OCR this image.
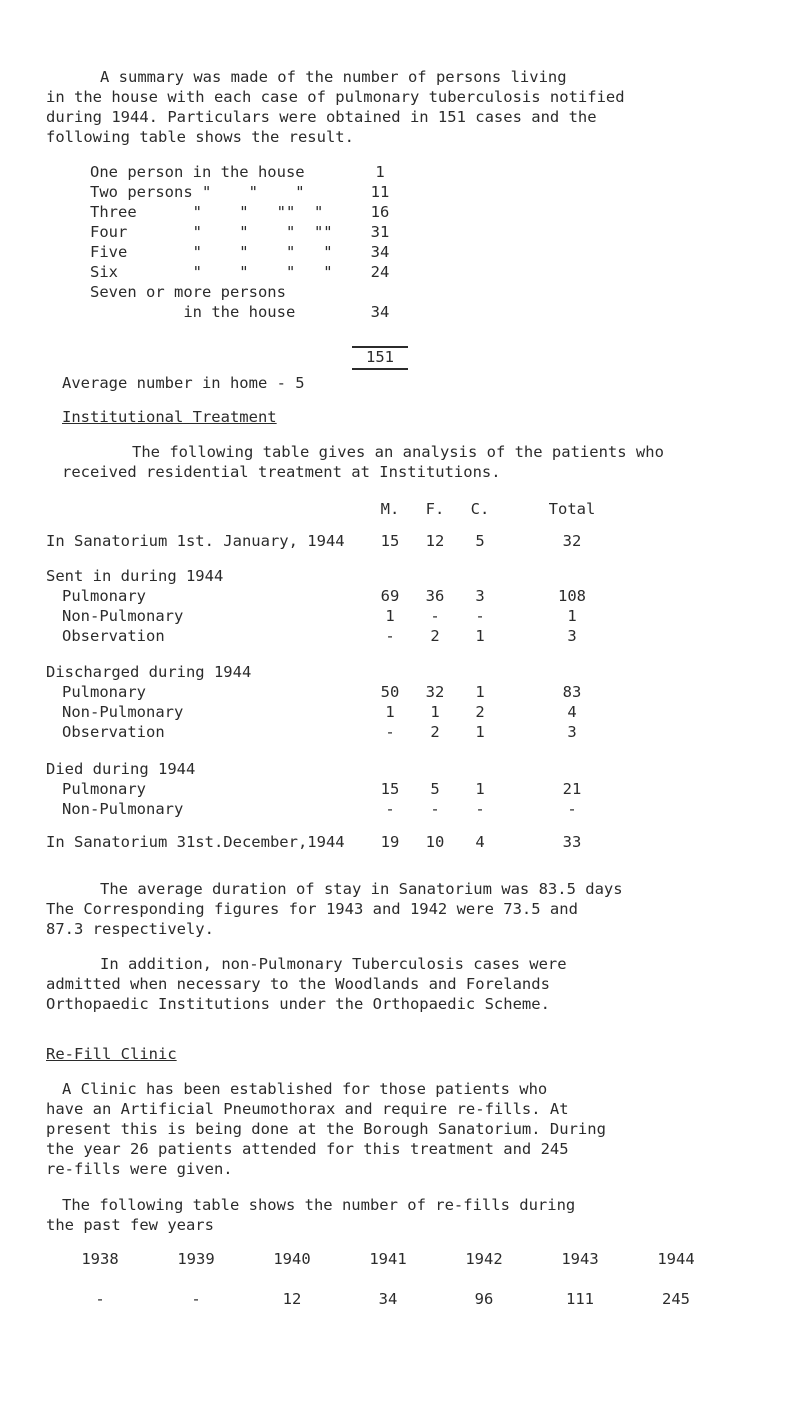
A summary was made of the number of persons living
in the house with each case of pulmonary tuberculosis notified
during 1944. Particulars were obtained in 151 cases and the
following table shows the result.
One person in the house	1
Two persons "    "    "	11
Three      "    "   ""  "	16
Four       "    "    "  ""	31
Five       "    "    "   "	34
Six        "    "    "   "	24
Seven or more persons
in the house	34
151
Average number in home - 5
Institutional Treatment
The following table gives an analysis of the patients who
received residential treatment at Institutions.
M.	F.	C.	Total
In Sanatorium 1st. January, 1944	15	12	5	32
Sent in during 1944
Pulmonary	69	36	3	108
Non-Pulmonary	1	-	-	1
Observation	-	2	1	3
Discharged during 1944
Pulmonary	50	32	1	83
Non-Pulmonary	1	1	2	4
Observation	-	2	1	3
Died during 1944
Pulmonary	15	5	1	21
Non-Pulmonary	-	-	-	-
In Sanatorium 31st.December,1944	19	10	4	33
The average duration of stay in Sanatorium was 83.5 days
The Corresponding figures for 1943 and 1942 were 73.5 and
87.3 respectively.
In addition, non-Pulmonary Tuberculosis cases were
admitted when necessary to the Woodlands and Forelands
Orthopaedic Institutions under the Orthopaedic Scheme.
Re-Fill Clinic
A Clinic has been established for those patients who
have an Artificial Pneumothorax and require re-fills. At
present this is being done at the Borough Sanatorium. During
the year 26 patients attended for this treatment and 245
re-fills were given.
The following table shows the number of re-fills during
the past few years
1938	1939	1940	1941	1942	1943	1944
-	-	12	34	96	111	245
